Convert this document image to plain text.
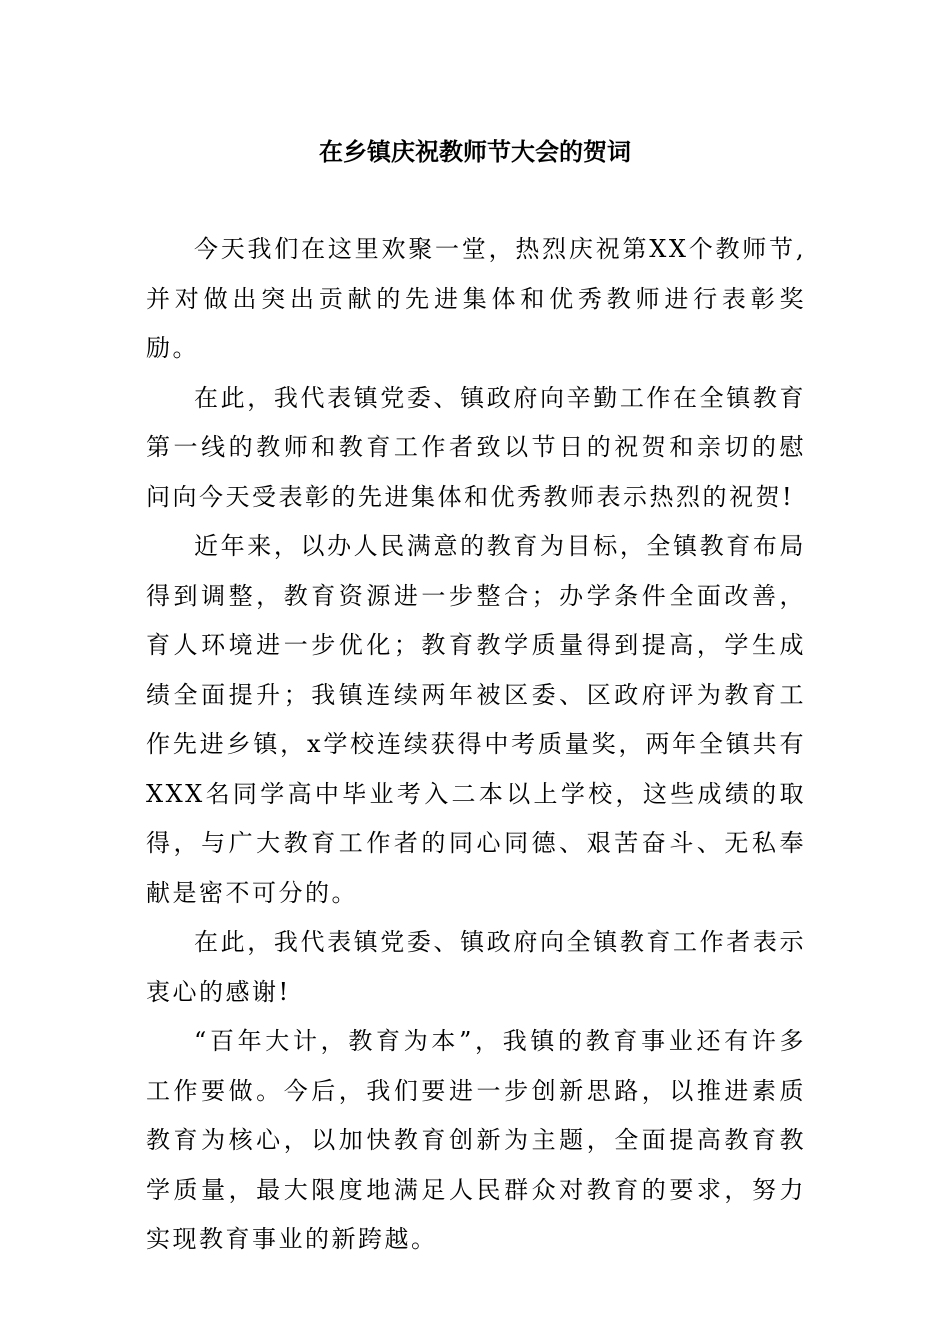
在乡镇庆祝教师节大会的贺词

今天我们在这里欢聚一堂，热烈庆祝第XX个教师节,并对做出突出贡献的先进集体和优秀教师进行表彰奖励。

在此，我代表镇党委、镇政府向辛勤工作在全镇教育第一线的教师和教育工作者致以节日的祝贺和亲切的慰问向今天受表彰的先进集体和优秀教师表示热烈的祝贺!

近年来，以办人民满意的教育为目标，全镇教育布局得到调整，教育资源进一步整合；办学条件全面改善，育人环境进一步优化；教育教学质量得到提高，学生成绩全面提升；我镇连续两年被区委、区政府评为教育工作先进乡镇，x学校连续获得中考质量奖，两年全镇共有XXX名同学高中毕业考入二本以上学校，这些成绩的取得，与广大教育工作者的同心同德、艰苦奋斗、无私奉献是密不可分的。

在此，我代表镇党委、镇政府向全镇教育工作者表示衷心的感谢!

“百年大计，教育为本”，我镇的教育事业还有许多工作要做。今后，我们要进一步创新思路，以推进素质教育为核心，以加快教育创新为主题，全面提高教育教学质量，最大限度地满足人民群众对教育的要求，努力实现教育事业的新跨越。
